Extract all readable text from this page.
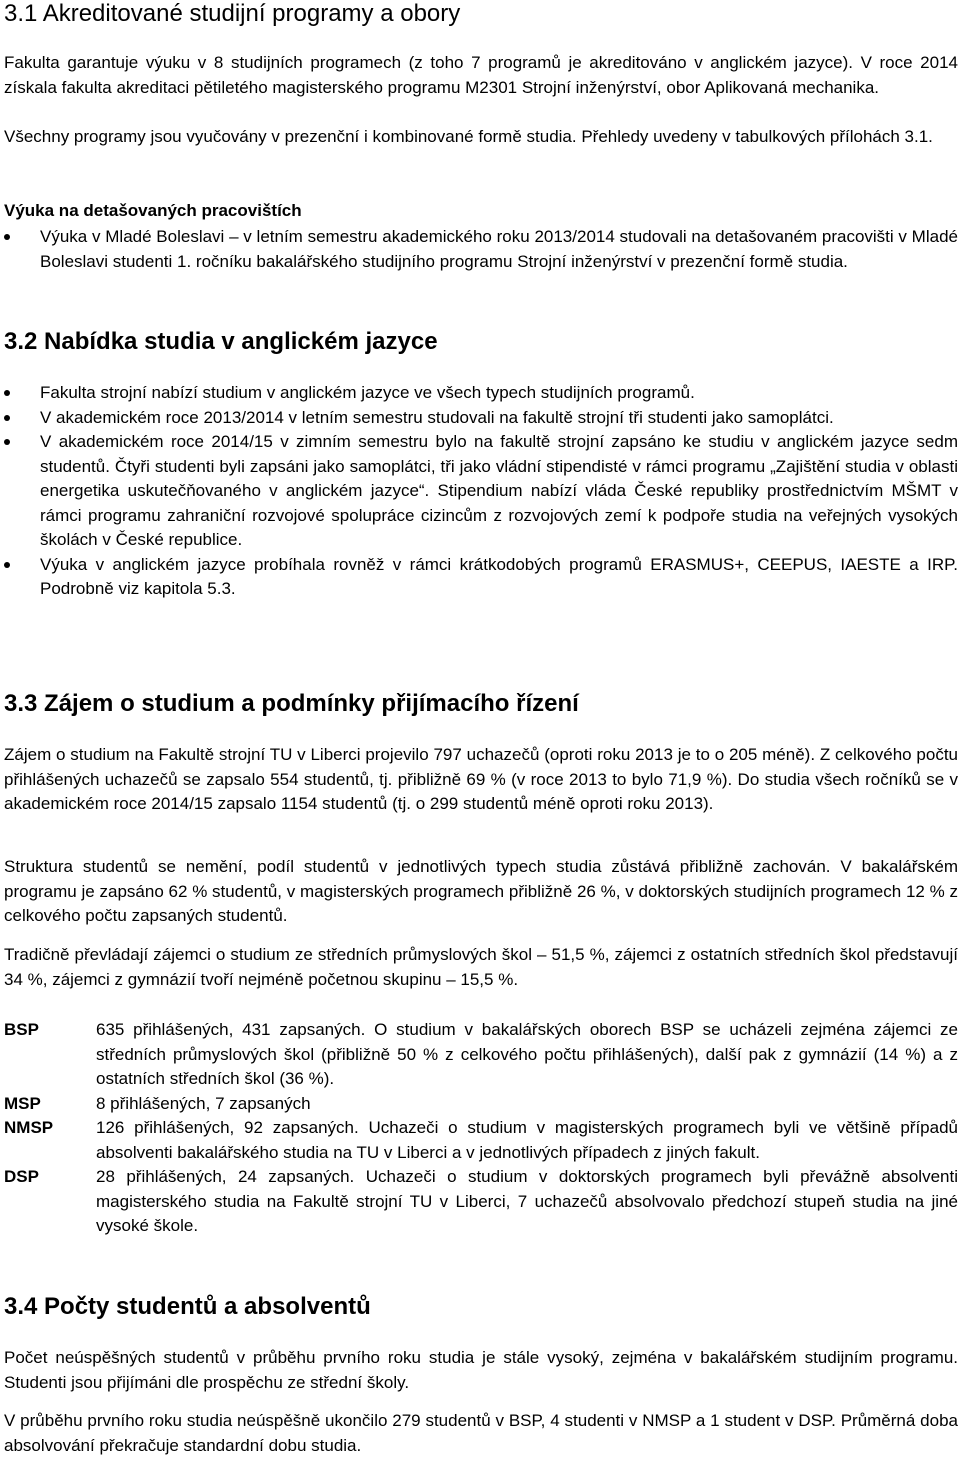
3.1 Akreditované studijní programy a obory

Fakulta garantuje výuku v 8 studijních programech (z toho 7 programů je akreditováno v anglickém jazyce). V roce 2014 získala fakulta akreditaci pětiletého magisterského programu M2301 Strojní inženýrství, obor Aplikovaná mechanika.

Všechny programy jsou vyučovány v prezenční i kombinované formě studia. Přehledy uvedeny v tabulkových přílohách 3.1.

Výuka na detašovaných pracovištích
Výuka v Mladé Boleslavi – v letním semestru akademického roku 2013/2014 studovali na detašovaném pracovišti v Mladé Boleslavi studenti 1. ročníku bakalářského studijního programu Strojní inženýrství v prezenční formě studia.
3.2 Nabídka studia v anglickém jazyce
Fakulta strojní nabízí studium v anglickém jazyce ve všech typech studijních programů.
V akademickém roce 2013/2014 v letním semestru studovali na fakultě strojní tři studenti jako samoplátci.
V akademickém roce 2014/15 v zimním semestru bylo na fakultě strojní zapsáno ke studiu v anglickém jazyce sedm studentů. Čtyři studenti byli zapsáni jako samoplátci, tři jako vládní stipendisté v rámci programu „Zajištění studia v oblasti energetika uskutečňovaného v anglickém jazyce“. Stipendium nabízí vláda České republiky prostřednictvím MŠMT v rámci programu zahraniční rozvojové spolupráce cizincům z rozvojových zemí k podpoře studia na veřejných vysokých školách v České republice.
Výuka v anglickém jazyce probíhala rovněž v rámci krátkodobých programů ERASMUS+, CEEPUS, IAESTE a IRP. Podrobně viz kapitola 5.3.
3.3 Zájem o studium a podmínky přijímacího řízení

Zájem o studium na Fakultě strojní TU v Liberci projevilo 797 uchazečů (oproti roku 2013 je to o 205 méně). Z celkového počtu přihlášených uchazečů se zapsalo 554 studentů, tj. přibližně 69 % (v roce 2013 to bylo 71,9 %). Do studia všech ročníků se v akademickém roce 2014/15 zapsalo 1154 studentů (tj. o 299 studentů méně oproti roku 2013).

Struktura studentů se nemění, podíl studentů v jednotlivých typech studia zůstává přibližně zachován. V bakalářském programu je zapsáno 62 % studentů, v magisterských programech přibližně 26 %, v doktorských studijních programech 12 % z celkového počtu zapsaných studentů.

Tradičně převládají zájemci o studium ze středních průmyslových škol – 51,5 %, zájemci z ostatních středních škol představují 34 %, zájemci z gymnázií tvoří nejméně početnou skupinu – 15,5 %.

BSP	635 přihlášených, 431 zapsaných. O studium v bakalářských oborech BSP se ucházeli zejména zájemci ze středních průmyslových škol (přibližně 50 % z celkového počtu přihlášených), další pak z gymnázií (14 %) a z ostatních středních škol (36 %).
MSP	8 přihlášených, 7 zapsaných
NMSP	126 přihlášených, 92 zapsaných. Uchazeči o studium v magisterských programech byli ve většině případů absolventi bakalářského studia na TU v Liberci a v jednotlivých případech z jiných fakult.
DSP	28 přihlášených, 24 zapsaných. Uchazeči o studium v doktorských programech byli převážně absolventi magisterského studia na Fakultě strojní TU v Liberci, 7 uchazečů absolvovalo předchozí stupeň studia na jiné vysoké škole.
3.4 Počty studentů a absolventů

Počet neúspěšných studentů v průběhu prvního roku studia je stále vysoký, zejména v bakalářském studijním programu. Studenti jsou přijímáni dle prospěchu ze střední školy.

V průběhu prvního roku studia neúspěšně ukončilo 279 studentů v BSP, 4 studenti v NMSP a 1 student v DSP. Průměrná doba absolvování překračuje standardní dobu studia.
